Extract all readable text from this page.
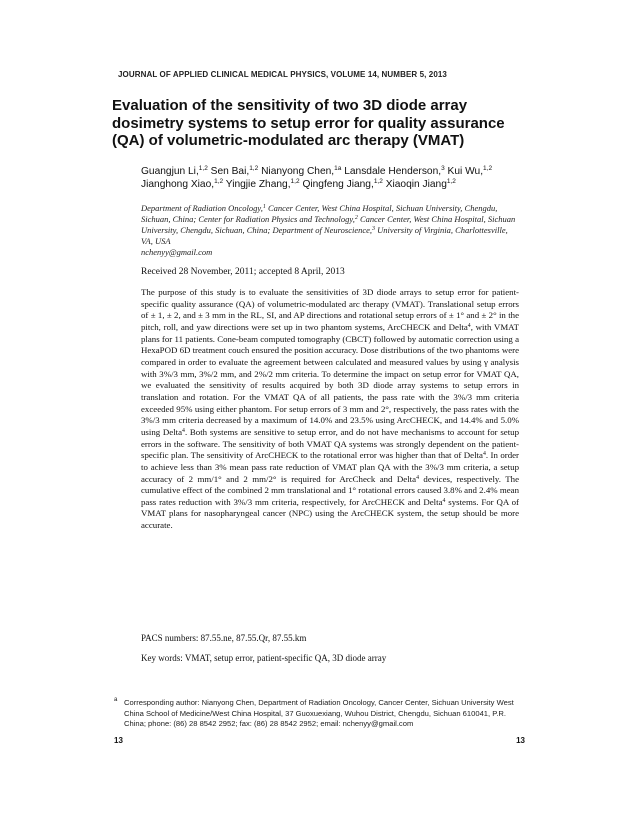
JOURNAL OF APPLIED CLINICAL MEDICAL PHYSICS, VOLUME 14, NUMBER 5, 2013
Evaluation of the sensitivity of two 3D diode array dosimetry systems to setup error for quality assurance (QA) of volumetric-modulated arc therapy (VMAT)
Guangjun Li,$^{1,2}$ Sen Bai,$^{1,2}$ Nianyong Chen,$^{1a}$ Lansdale Henderson,$^3$ Kui Wu,$^{1,2}$ Jianghong Xiao,$^{1,2}$ Yingjie Zhang,$^{1,2}$ Qingfeng Jiang,$^{1,2}$ Xiaoqin Jiang$^{1,2}$
Department of Radiation Oncology,$^1$ Cancer Center, West China Hospital, Sichuan University, Chengdu, Sichuan, China; Center for Radiation Physics and Technology,$^2$ Cancer Center, West China Hospital, Sichuan University, Chengdu, Sichuan, China; Department of Neuroscience,$^3$ University of Virginia, Charlottesville, VA, USA
nchenyy@gmail.com
Received 28 November, 2011; accepted 8 April, 2013
The purpose of this study is to evaluate the sensitivities of 3D diode arrays to setup error for patient-specific quality assurance (QA) of volumetric-modulated arc therapy (VMAT). Translational setup errors of ± 1, ± 2, and ± 3 mm in the RL, SI, and AP directions and rotational setup errors of ± 1° and ± 2° in the pitch, roll, and yaw directions were set up in two phantom systems, ArcCHECK and Delta$^4$, with VMAT plans for 11 patients. Cone-beam computed tomography (CBCT) followed by automatic correction using a HexaPOD 6D treatment couch ensured the position accuracy. Dose distributions of the two phantoms were compared in order to evaluate the agreement between calculated and measured values by using γ analysis with 3%/3 mm, 3%/2 mm, and 2%/2 mm criteria. To determine the impact on setup error for VMAT QA, we evaluated the sensitivity of results acquired by both 3D diode array systems to setup errors in translation and rotation. For the VMAT QA of all patients, the pass rate with the 3%/3 mm criteria exceeded 95% using either phantom. For setup errors of 3 mm and 2°, respectively, the pass rates with the 3%/3 mm criteria decreased by a maximum of 14.0% and 23.5% using ArcCHECK, and 14.4% and 5.0% using Delta$^4$. Both systems are sensitive to setup error, and do not have mechanisms to account for setup errors in the software. The sensitivity of both VMAT QA systems was strongly dependent on the patient-specific plan. The sensitivity of ArcCHECK to the rotational error was higher than that of Delta$^4$. In order to achieve less than 3% mean pass rate reduction of VMAT plan QA with the 3%/3 mm criteria, a setup accuracy of 2 mm/1° and 2 mm/2° is required for ArcCheck and Delta$^4$ devices, respectively. The cumulative effect of the combined 2 mm translational and 1° rotational errors caused 3.8% and 2.4% mean pass rates reduction with 3%/3 mm criteria, respectively, for ArcCHECK and Delta$^4$ systems. For QA of VMAT plans for nasopharyngeal cancer (NPC) using the ArcCHECK system, the setup should be more accurate.
PACS numbers: 87.55.ne, 87.55.Qr, 87.55.km
Key words: VMAT, setup error, patient-specific QA, 3D diode array
a Corresponding author: Nianyong Chen, Department of Radiation Oncology, Cancer Center, Sichuan University West China School of Medicine/West China Hospital, 37 Guoxuexiang, Wuhou District, Chengdu, Sichuan 610041, P.R. China; phone: (86) 28 8542 2952; fax: (86) 28 8542 2952; email: nchenyy@gmail.com
13	13
